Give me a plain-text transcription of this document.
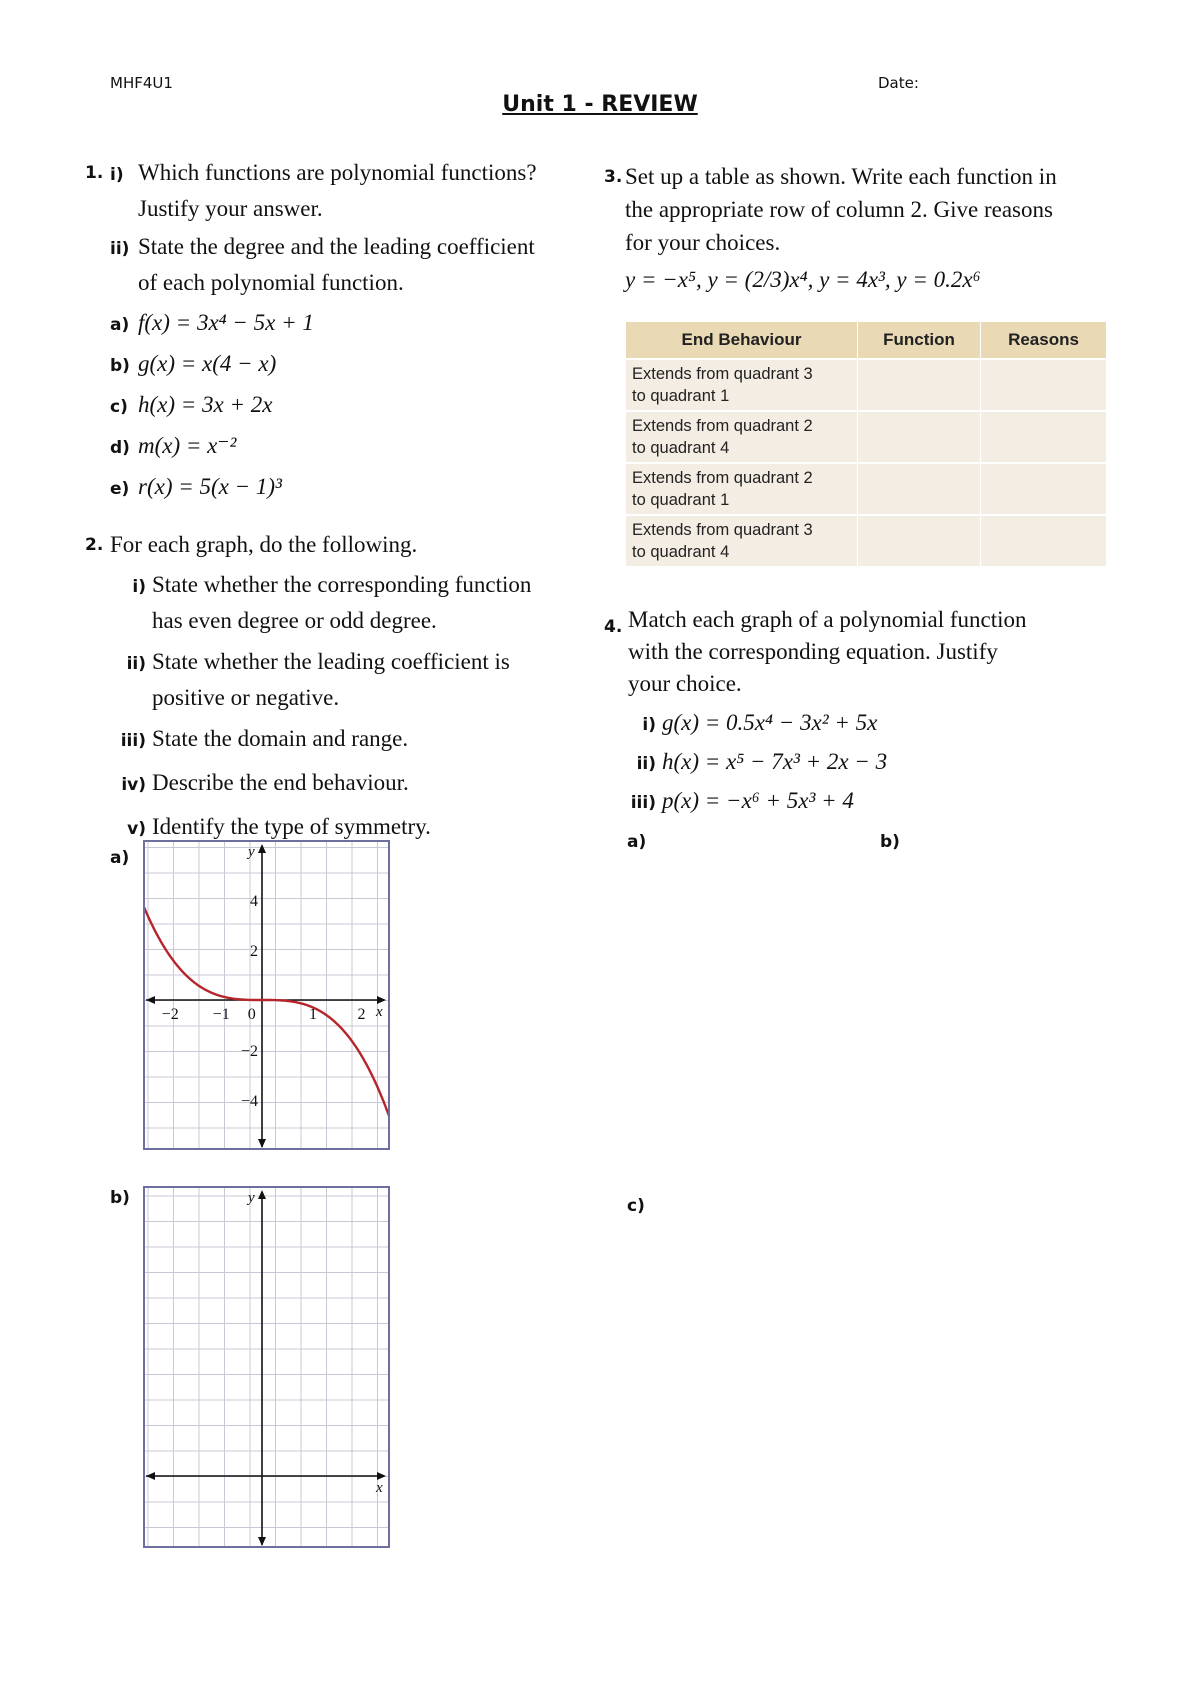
MHF4U1	Date:
Unit 1 - REVIEW
1. i) Which functions are polynomial functions?
Justify your answer.
ii) State the degree and the leading coefficient
of each polynomial function.
a) f(x) = 3x⁴ − 5x + 1
b) g(x) = x(4 − x)
c) h(x) = 3x + 2x
d) m(x) = x⁻²
e) r(x) = 5(x − 1)³
2. For each graph, do the following.
i) State whether the corresponding function
has even degree or odd degree.
ii) State whether the leading coefficient is
positive or negative.
iii) State the domain and range.
iv) Describe the end behaviour.
v) Identify the type of symmetry.
a)
x
y
−2 −1 0	1	2
4
2
−2
−4
b)
x
y
3. Set up a table as shown. Write each function in
the appropriate row of column 2. Give reasons
for your choices.
y = −x⁵, y = (2/3)x⁴, y = 4x³, y = 0.2x⁶
End Behaviour	Function	Reasons
Extends from quadrant 3
to quadrant 1		
Extends from quadrant 2
to quadrant 4		
Extends from quadrant 2
to quadrant 1		
Extends from quadrant 3
to quadrant 4		
4. Match each graph of a polynomial function
with the corresponding equation. Justify
your choice.
i) g(x) = 0.5x⁴ − 3x² + 5x
ii) h(x) = x⁵ − 7x³ + 2x − 3
iii) p(x) = −x⁶ + 5x³ + 4
a)	b)
c)
